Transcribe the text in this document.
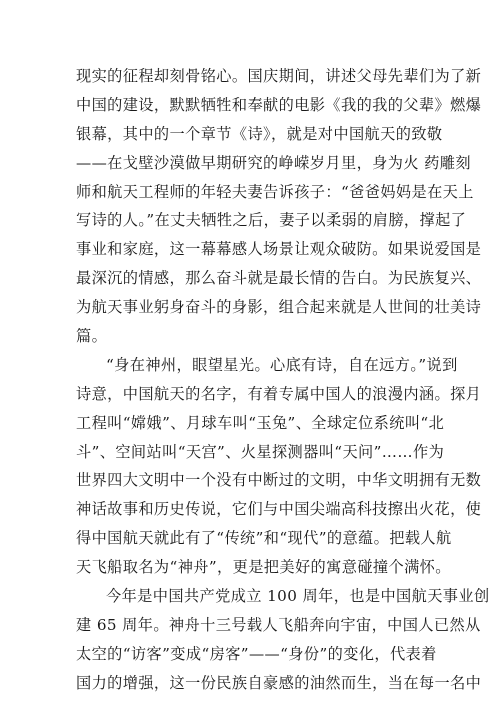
现实的征程却刻骨铭心。国庆期间，讲述父母先辈们为了新
中国的建设，默默牺牲和奉献的电影《我的我的父辈》燃爆
银幕，其中的一个章节《诗》，就是对中国航天的致敬
——在戈壁沙漠做早期研究的峥嵘岁月里，身为火 药雕刻
师和航天工程师的年轻夫妻告诉孩子：“爸爸妈妈是在天上
写诗的人。”在丈夫牺牲之后，妻子以柔弱的肩膀，撑起了
事业和家庭，这一幕幕感人场景让观众破防。如果说爱国是
最深沉的情感，那么奋斗就是最长情的告白。为民族复兴、
为航天事业躬身奋斗的身影，组合起来就是人世间的壮美诗
篇。
“身在神州，眼望星光。心底有诗，自在远方。”说到
诗意，中国航天的名字，有着专属中国人的浪漫内涵。探月
工程叫“嫦娥”、月球车叫“玉兔”、全球定位系统叫“北
斗”、空间站叫“天宫”、火星探测器叫“天问”……作为
世界四大文明中一个没有中断过的文明，中华文明拥有无数
神话故事和历史传说，它们与中国尖端高科技擦出火花，使
得中国航天就此有了“传统”和“现代”的意蕴。把载人航
天飞船取名为“神舟”，更是把美好的寓意碰撞个满怀。
今年是中国共产党成立 100 周年，也是中国航天事业创
建 65 周年。神舟十三号载人飞船奔向宇宙，中国人已然从
太空的“访客”变成“房客”——“身份”的变化，代表着
国力的增强，这一份民族自豪感的油然而生，当在每一名中
